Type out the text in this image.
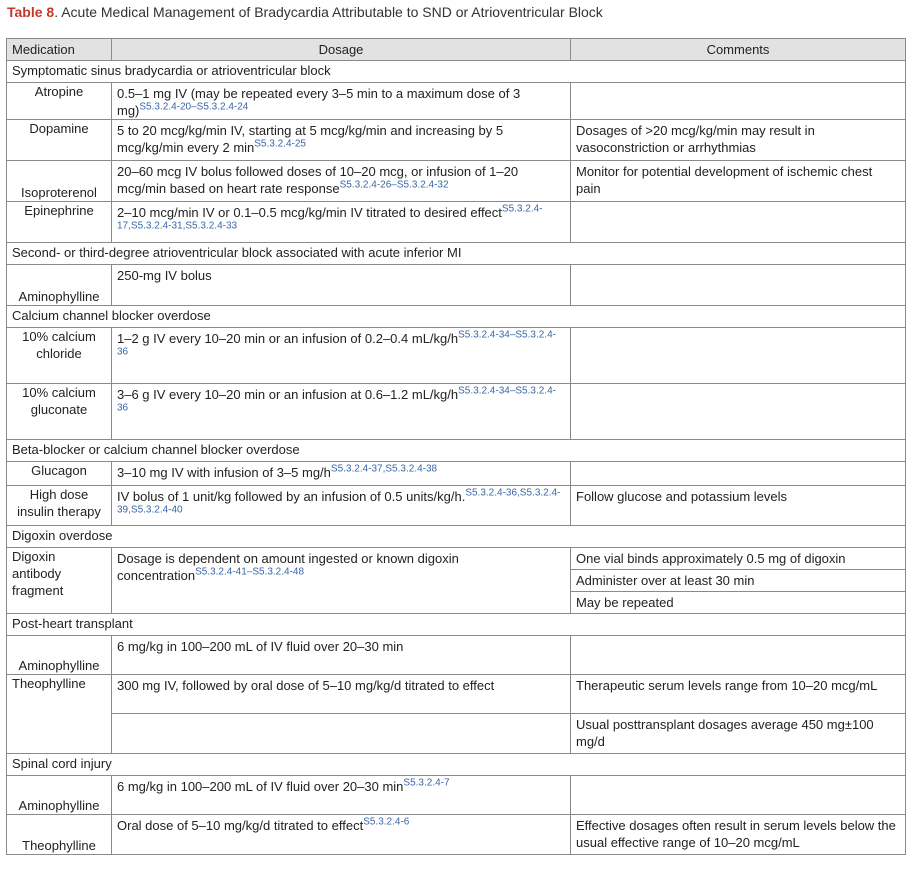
Table 8. Acute Medical Management of Bradycardia Attributable to SND or Atrioventricular Block
Medication	Dosage	Comments
Symptomatic sinus bradycardia or atrioventricular block		
Atropine	0.5–1 mg IV (may be repeated every 3–5 min to a maximum dose of 3 mg)$^{S5.3.2.4-20-S5.3.2.4-24}$	
Dopamine	5 to 20 mcg/kg/min IV, starting at 5 mcg/kg/min and increasing by 5 mcg/kg/min every 2 $\min^{S5.3.2.4-25}$	Dosages of >20 mcg/kg/min may result in vasoconstriction or arrhythmias
Isoproterenol	20–60 mcg IV bolus followed doses of 10–20 mcg, or infusion of 1–20 mcg/min based on heart rate response$^{S5.3.2.4-26-S5.3.2.4-32}$	Monitor for potential development of ischemic chest pain
Epinephrine	2–10 mcg/min IV or 0.1–0.5 mcg/kg/min IV titrated to desired effect$^{S5.3.2.4-17,S5.3.2.4-31,S5.3.2.4-33}$	
Second- or third-degree atrioventricular block associated with acute inferior MI		
Aminophylline	250-mg IV bolus	
Calcium channel blocker overdose		
10% calcium chloride	1–2 g IV every 10–20 min or an infusion of 0.2–0.4 $mL/kg/h^{S5.3.2.4-34-S5.3.2.4-36}$	
10% calcium gluconate	3–6 g IV every 10–20 min or an infusion at 0.6–1.2 $mL/kg/h^{S5.3.2.4-34-S5.3.2.4-36}$	
Beta-blocker or calcium channel blocker overdose		
Glucagon	3–10 mg IV with infusion of 3–5 $mg/h^{S5.3.2.4-37,S5.3.2.4-38}$	
High dose insulin therapy	IV bolus of 1 unit/kg followed by an infusion of 0.5 units/kg/h.$^{S5.3.2.4-36,S5.3.2.4-39,S5.3.2.4-40}$	Follow glucose and potassium levels
Digoxin overdose		
Digoxin antibody fragment	Dosage is dependent on amount ingested or known digoxin concentration$^{S5.3.2.4-41-S5.3.2.4-48}$	One vial binds approximately 0.5 mg of digoxin
		Administer over at least 30 min
		May be repeated
Post-heart transplant		
Aminophylline	6 mg/kg in 100–200 mL of IV fluid over 20–30 min	
Theophylline	300 mg IV, followed by oral dose of 5–10 mg/kg/d titrated to effect	Therapeutic serum levels range from 10–20 mcg/mL
		Usual posttransplant dosages average 450 mg±100 mg/d
Spinal cord injury		
Aminophylline	6 mg/kg in 100–200 mL of IV fluid over 20–30 $\min^{S5.3.2.4-7}$	
Theophylline	Oral dose of 5–10 mg/kg/d titrated to effect$^{S5.3.2.4-6}$	Effective dosages often result in serum levels below the usual effective range of 10–20 mcg/mL
